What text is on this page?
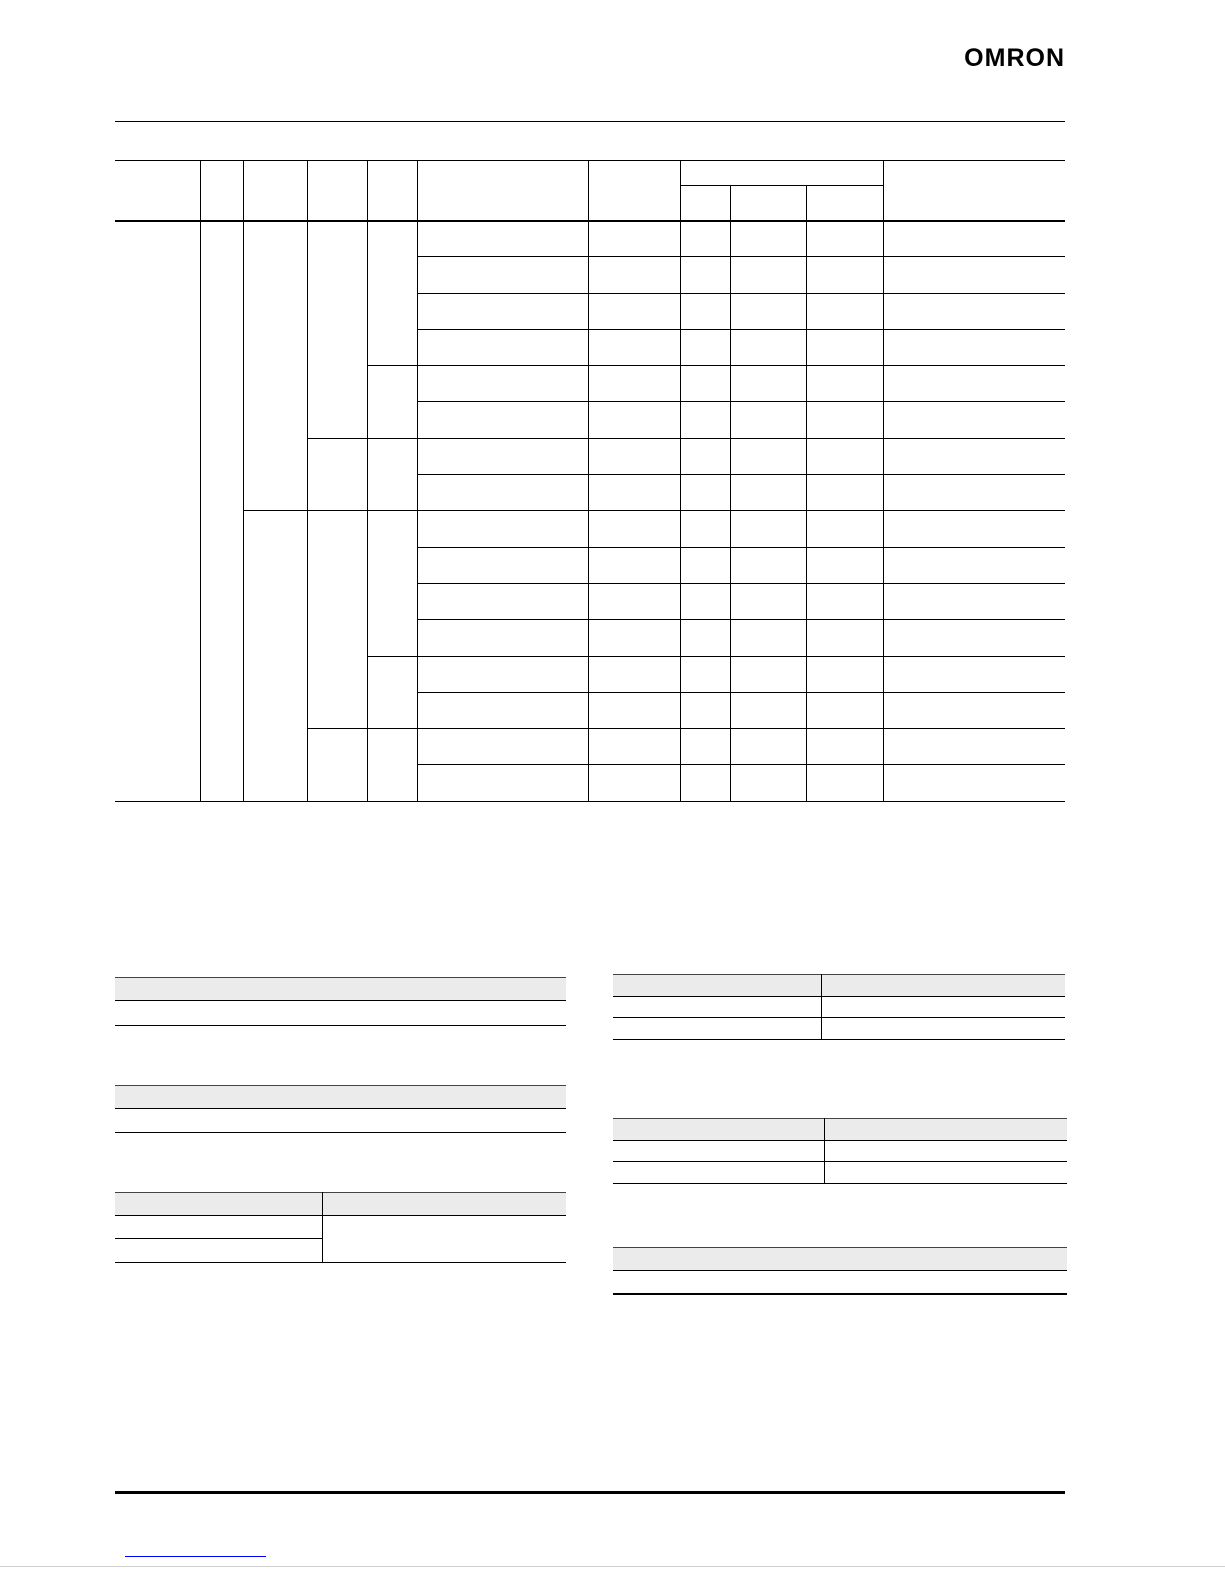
OMRON
